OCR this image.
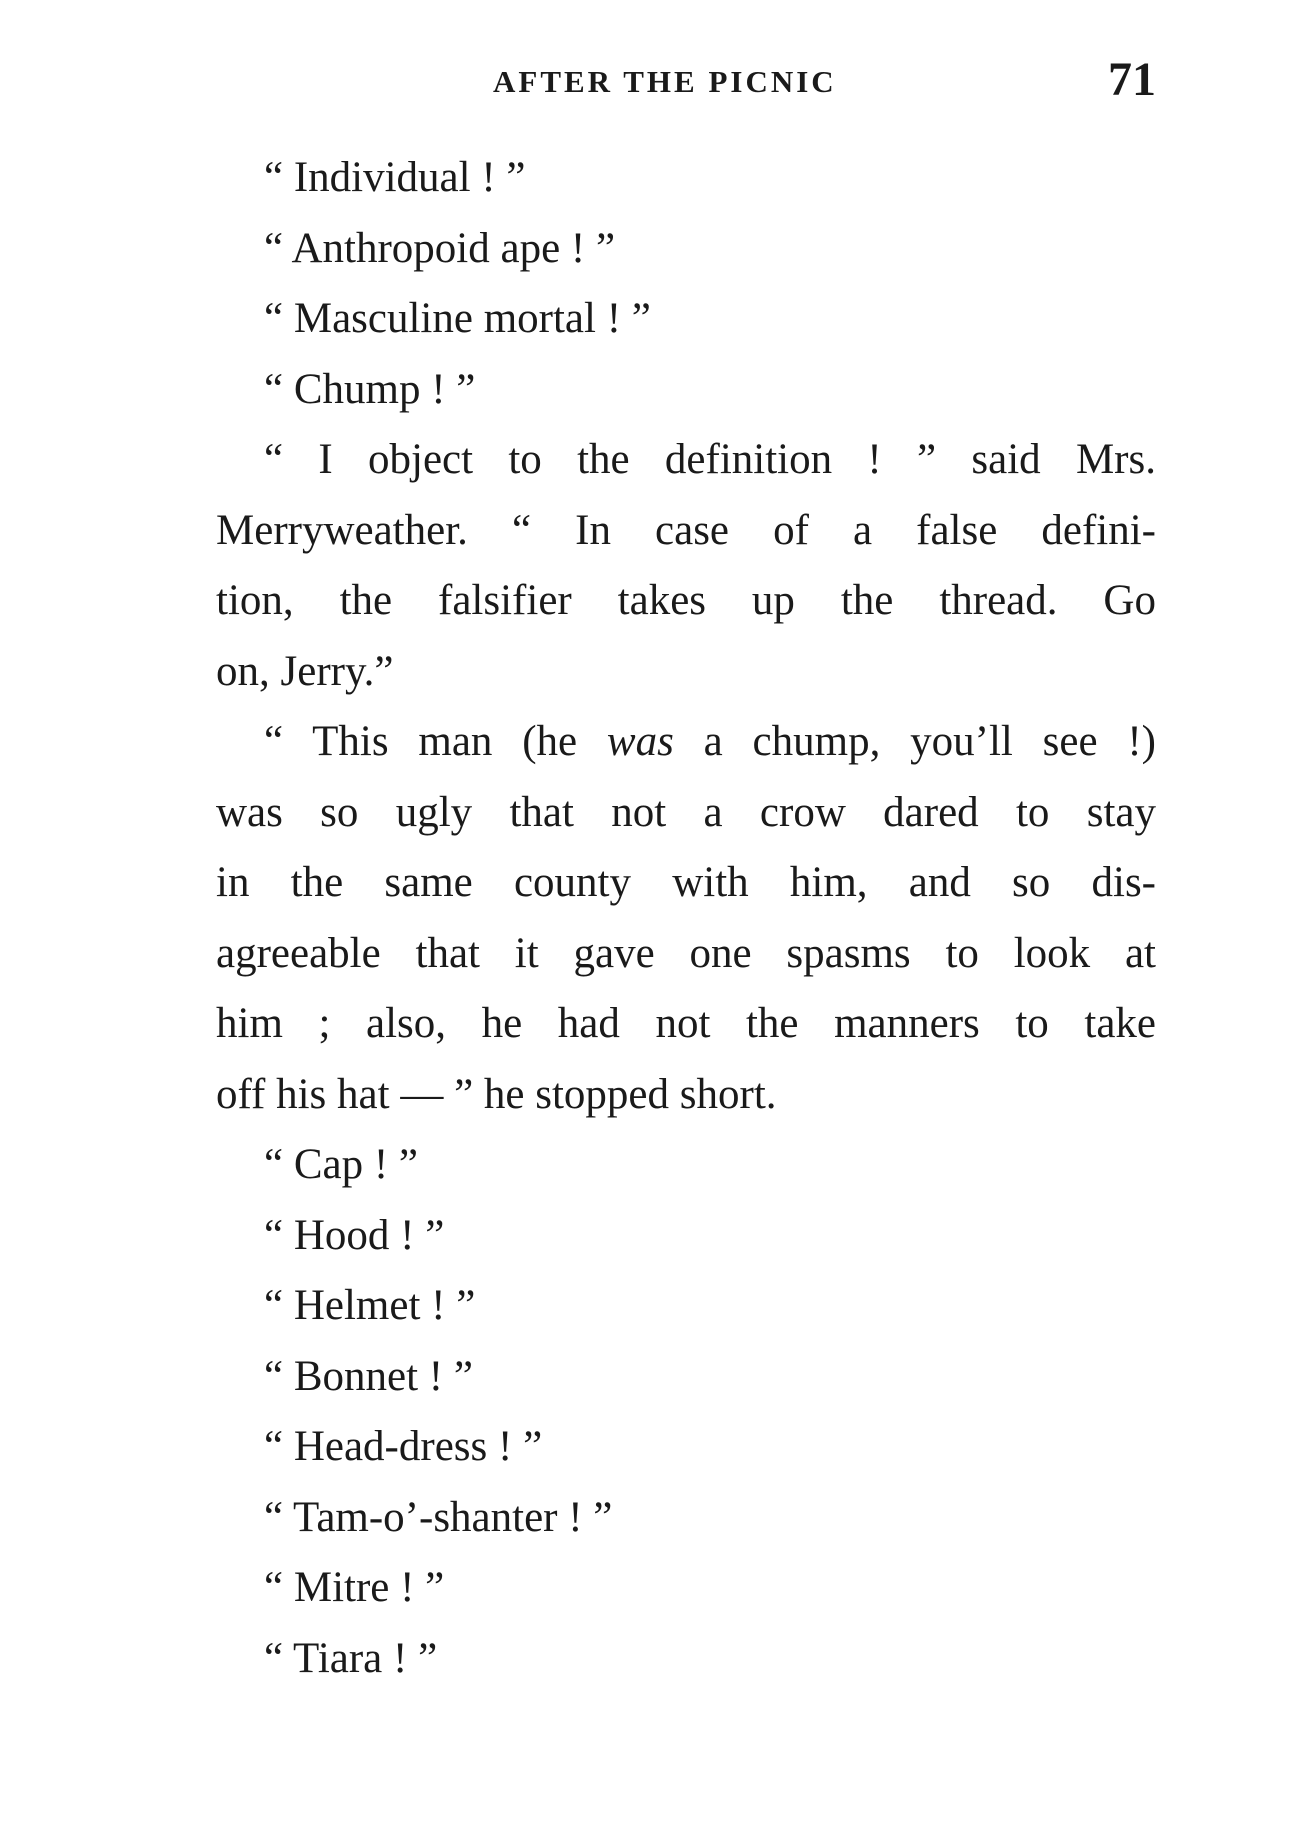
AFTER THE PICNIC	71
“ Individual ! ”
“ Anthropoid ape ! ”
“ Masculine mortal ! ”
“ Chump ! ”
“ I object to the definition ! ” said Mrs.
Merryweather. “ In case of a false defini-
tion, the falsifier takes up the thread. Go
on, Jerry.”
“ This man (he was a chump, you’ll see !)
was so ugly that not a crow dared to stay
in the same county with him, and so dis-
agreeable that it gave one spasms to look at
him ; also, he had not the manners to take
off his hat — ” he stopped short.
“ Cap ! ”
“ Hood ! ”
“ Helmet ! ”
“ Bonnet ! ”
“ Head-dress ! ”
“ Tam-o’-shanter ! ”
“ Mitre ! ”
“ Tiara ! ”
